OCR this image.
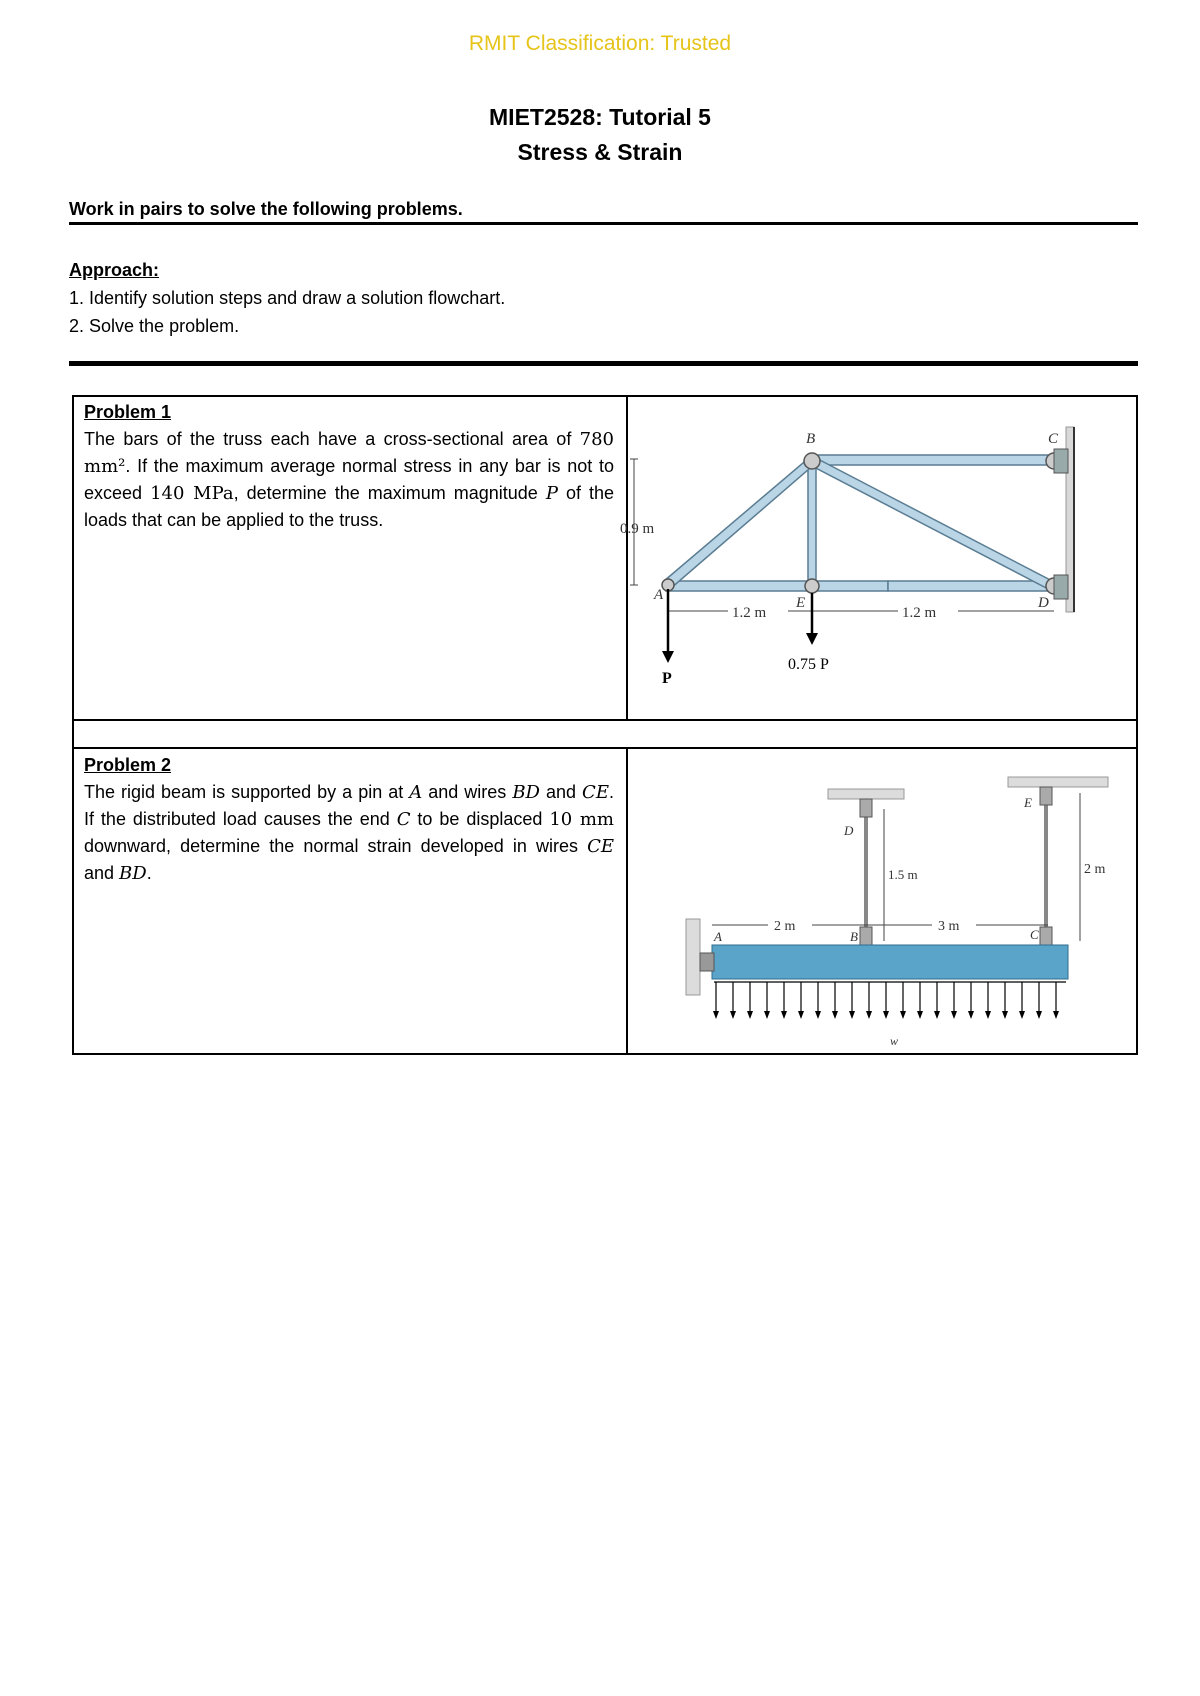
RMIT Classification: Trusted
MIET2528: Tutorial 5
Stress & Strain
Work in pairs to solve the following problems.
Approach:
1. Identify solution steps and draw a solution flowchart.
2. Solve the problem.
Problem 1
The bars of the truss each have a cross-sectional area of 780 mm². If the maximum average normal stress in any bar is not to exceed 140 MPa, determine the maximum magnitude P of the loads that can be applied to the truss.
Problem 2
The rigid beam is supported by a pin at A and wires BD and CE. If the distributed load causes the end C to be displaced 10 mm downward, determine the normal strain developed in wires CE and BD.
0.9 m
1.2 m	1.2 m
A
B	C
D
E
P
0.75 P
w
2 m	3 m
1.5 m	2 m
A	B	C
D
E
